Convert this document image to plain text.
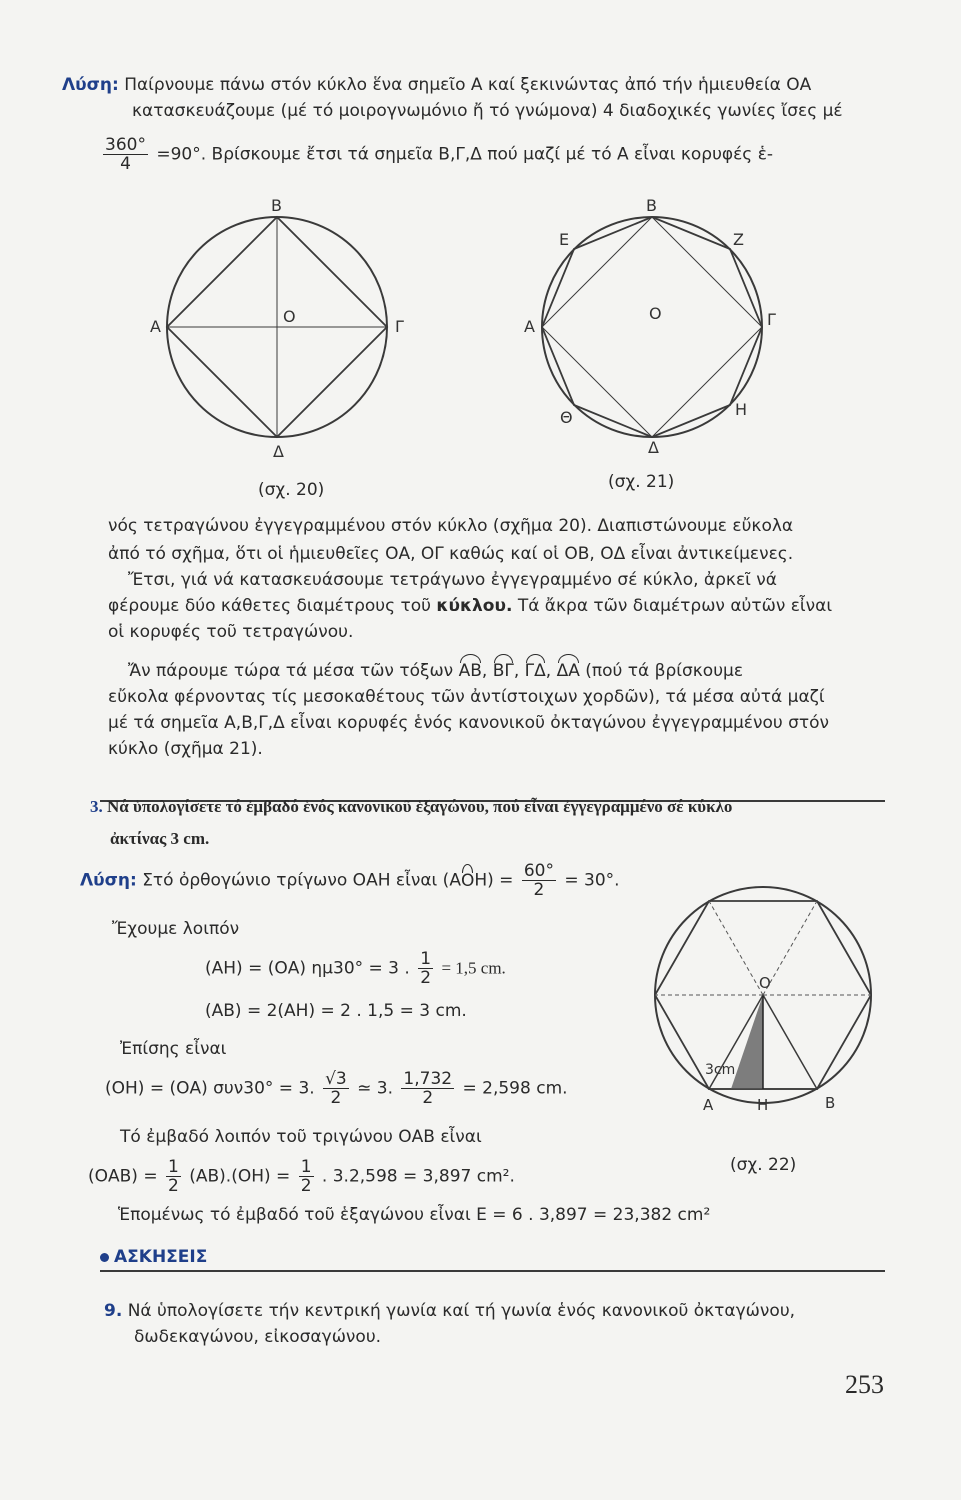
Λύση: Παίρνουμε πάνω στόν κύκλο ἕνα σημεῖο Α καί ξεκινώντας ἀπό τήν ἡμιευθεία ΟΑ
κατασκευάζουμε (μέ τό μοιρογνωμόνιο ἤ τό γνώμονα) 4 διαδοχικές γωνίες ἴσες μέ
$\frac{360^\circ}{4} =90^\circ$. Βρίσκουμε ἔτσι τά σημεῖα Β,Γ,Δ πού μαζί μέ τό Α εἶναι κορυφές ἑ-
Β
Α
Ο
Γ
Δ
(σχ. 20)
Β
Ε	Ζ
Α
Ο	Γ
Θ	Η
Δ
(σχ. 21)
νός τετραγώνου ἐγγεγραμμένου στόν κύκλο (σχῆμα 20). Διαπιστώνουμε εὔκολα
ἀπό τό σχῆμα, ὅτι οἱ ἡμιευθεῖες ΟΑ, ΟΓ καθώς καί οἱ ΟΒ, ΟΔ εἶναι ἀντικείμενες.
Ἔτσι, γιά νά κατασκευάσουμε τετράγωνο ἐγγεγραμμένο σέ κύκλο, ἀρκεῖ νά
φέρουμε δύο κάθετες διαμέτρους τοῦ κύκλου. Τά ἄκρα τῶν διαμέτρων αὐτῶν εἶναι
οἱ κορυφές τοῦ τετραγώνου.
Ἄν πάρουμε τώρα τά μέσα τῶν τόξων ΑΒ, ΒΓ, ΓΔ, ΔΑ (πού τά βρίσκουμε
εὔκολα φέρνοντας τίς μεσοκαθέτους τῶν ἀντίστοιχων χορδῶν), τά μέσα αὐτά μαζί
μέ τά σημεῖα Α,Β,Γ,Δ εἶναι κορυφές ἑνός κανονικοῦ ὀκταγώνου ἐγγεγραμμένου στόν
κύκλο (σχῆμα 21).
3. Νά ὑπολογίσετε τό ἐμβαδό ἑνός κανονικοῦ ἑξαγώνου, πού εἶναι ἐγγεγραμμένο σέ κύκλο
ἀκτίνας 3 cm.
Λύση: Στό ὀρθογώνιο τρίγωνο ΟΑΗ εἶναι $(AOH) = \frac{60^\circ}{2} = 30^\circ$.
Ἔχουμε λοιπόν
(ΑΗ) = (ΟΑ) ημ30° = 3 . $\frac{1}{2} = 1,5$ cm.
(ΑΒ) = 2(ΑΗ) = 2 . 1,5 = 3 cm.
Ἐπίσης εἶναι
(ΟΗ) = (ΟΑ) συν30° = 3. $\frac{√3}{2}$ ≃ 3. $\frac{1,732}{2} = 2,598$ cm.
Τό ἐμβαδό λοιπόν τοῦ τριγώνου ΟΑΒ εἶναι
$(OAB) = \frac{1}{2} (AB).(OH) = \frac{1}{2}$ . 3.2,598 = 3,897 cm².
Ἑπομένως τό ἐμβαδό τοῦ ἑξαγώνου εἶναι Ε = 6 . 3,897 = 23,382 cm²
Ο
3cm
Α	Η	Β
(σχ. 22)
ΑΣΚΗΣΕΙΣ
9. Νά ὑπολογίσετε τήν κεντρική γωνία καί τή γωνία ἑνός κανονικοῦ ὀκταγώνου,
δωδεκαγώνου, εἰκοσαγώνου.
253
